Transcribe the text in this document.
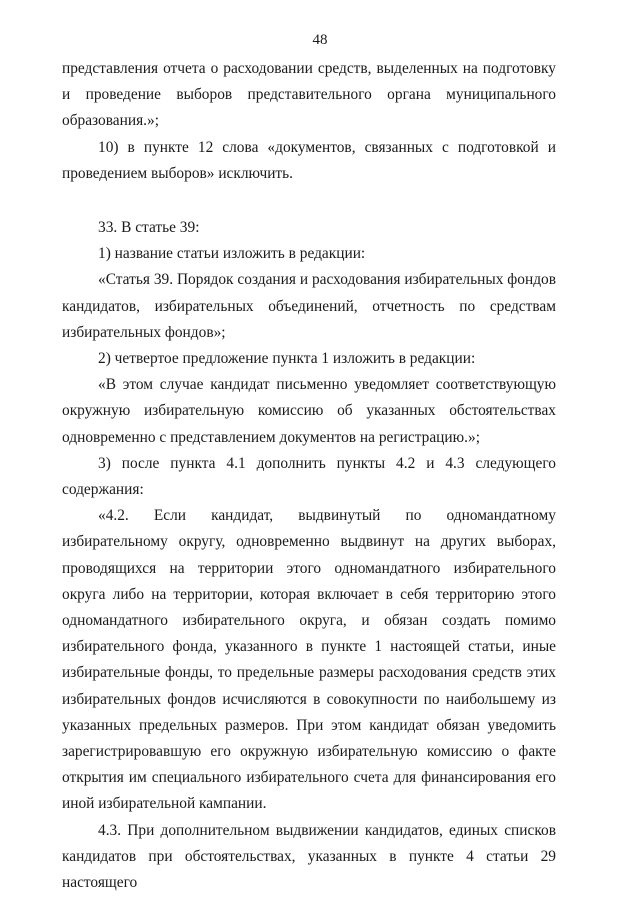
48

представления отчета о расходовании средств, выделенных на подготовку и проведение выборов представительного органа муниципального образования.»;

10) в пункте 12 слова «документов, связанных с подготовкой и проведением выборов» исключить.

33. В статье 39:

1) название статьи изложить в редакции:

«Статья 39. Порядок создания и расходования избирательных фондов кандидатов, избирательных объединений, отчетность по средствам избирательных фондов»;

2) четвертое предложение пункта 1 изложить в редакции:

«В этом случае кандидат письменно уведомляет соответствующую окружную избирательную комиссию об указанных обстоятельствах одновременно с представлением документов на регистрацию.»;

3) после пункта 4.1 дополнить пункты 4.2 и 4.3 следующего содержания:

«4.2. Если кандидат, выдвинутый по одномандатному избирательному округу, одновременно выдвинут на других выборах, проводящихся на территории этого одномандатного избирательного округа либо на территории, которая включает в себя территорию этого одномандатного избирательного округа, и обязан создать помимо избирательного фонда, указанного в пункте 1 настоящей статьи, иные избирательные фонды, то предельные размеры расходования средств этих избирательных фондов исчисляются в совокупности по наибольшему из указанных предельных размеров. При этом кандидат обязан уведомить зарегистрировавшую его окружную избирательную комиссию о факте открытия им специального избирательного счета для финансирования его иной избирательной кампании.

4.3. При дополнительном выдвижении кандидатов, единых списков кандидатов при обстоятельствах, указанных в пункте 4 статьи 29 настоящего
